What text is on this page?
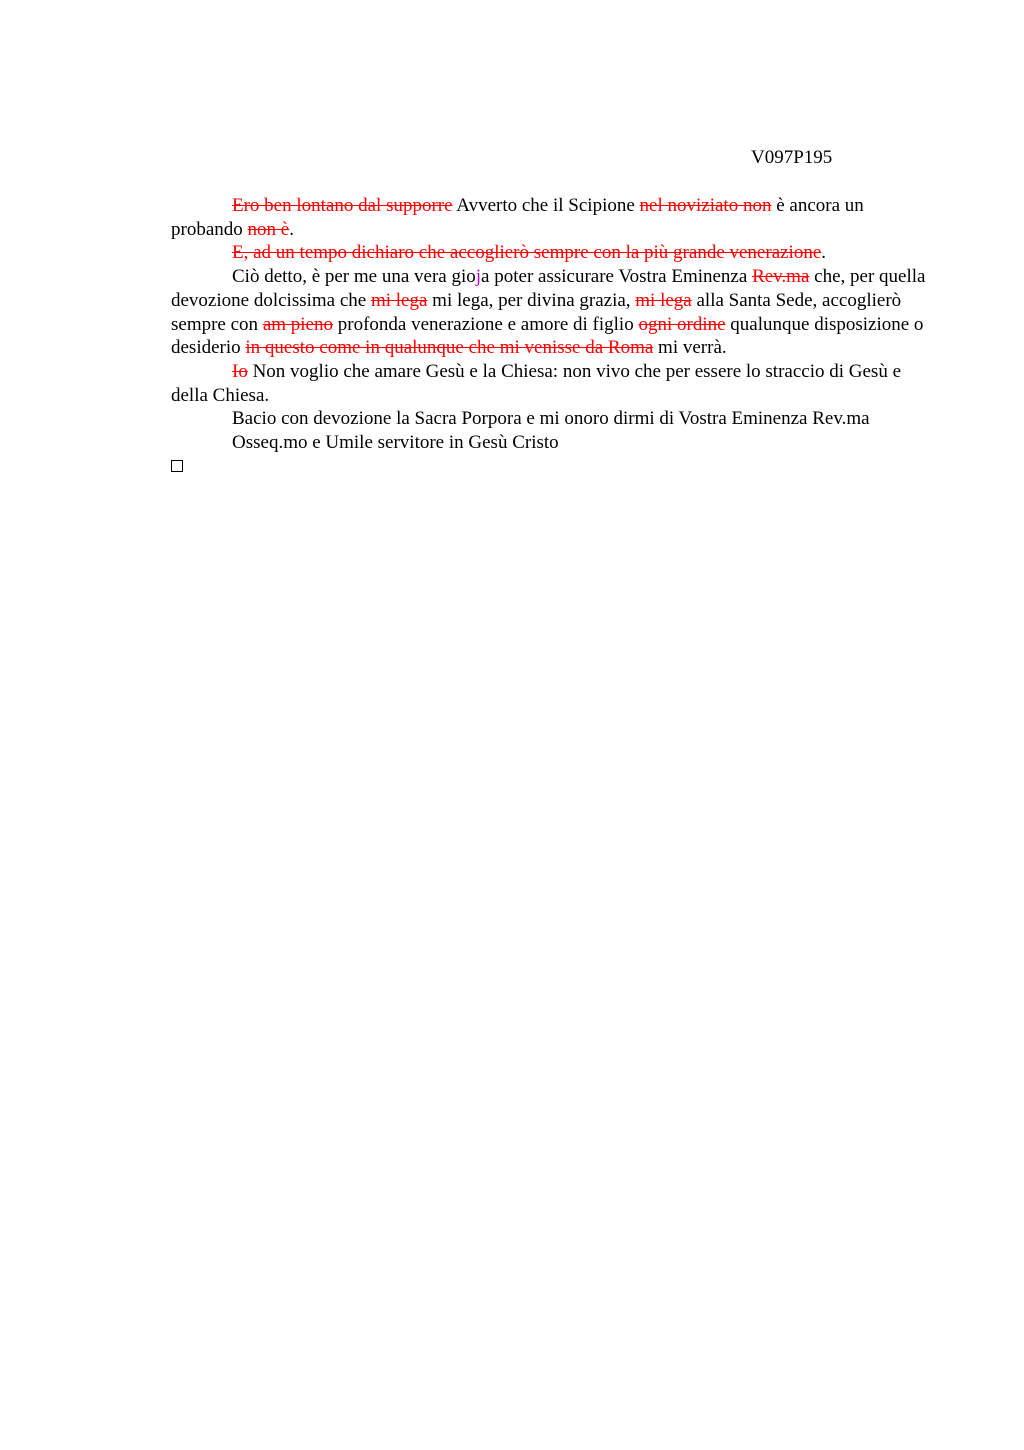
V097P195

Ero ben lontano dal supporre Avverto che il Scipione nel noviziato non è ancora un probando non è.

E, ad un tempo dichiaro che accoglierò sempre con la più grande venerazione.

Ciò detto, è per me una vera gioja poter assicurare Vostra Eminenza Rev.ma che, per quella devozione dolcissima che mi lega mi lega, per divina grazia, mi lega alla Santa Sede, accoglierò sempre con am pieno profonda venerazione e amore di figlio ogni ordine qualunque disposizione o desiderio in questo come in qualunque che mi venisse da Roma mi verrà.

Io Non voglio che amare Gesù e la Chiesa: non vivo che per essere lo straccio di Gesù e della Chiesa.

Bacio con devozione la Sacra Porpora e mi onoro dirmi di Vostra Eminenza Rev.ma

Osseq.mo e Umile servitore in Gesù Cristo
